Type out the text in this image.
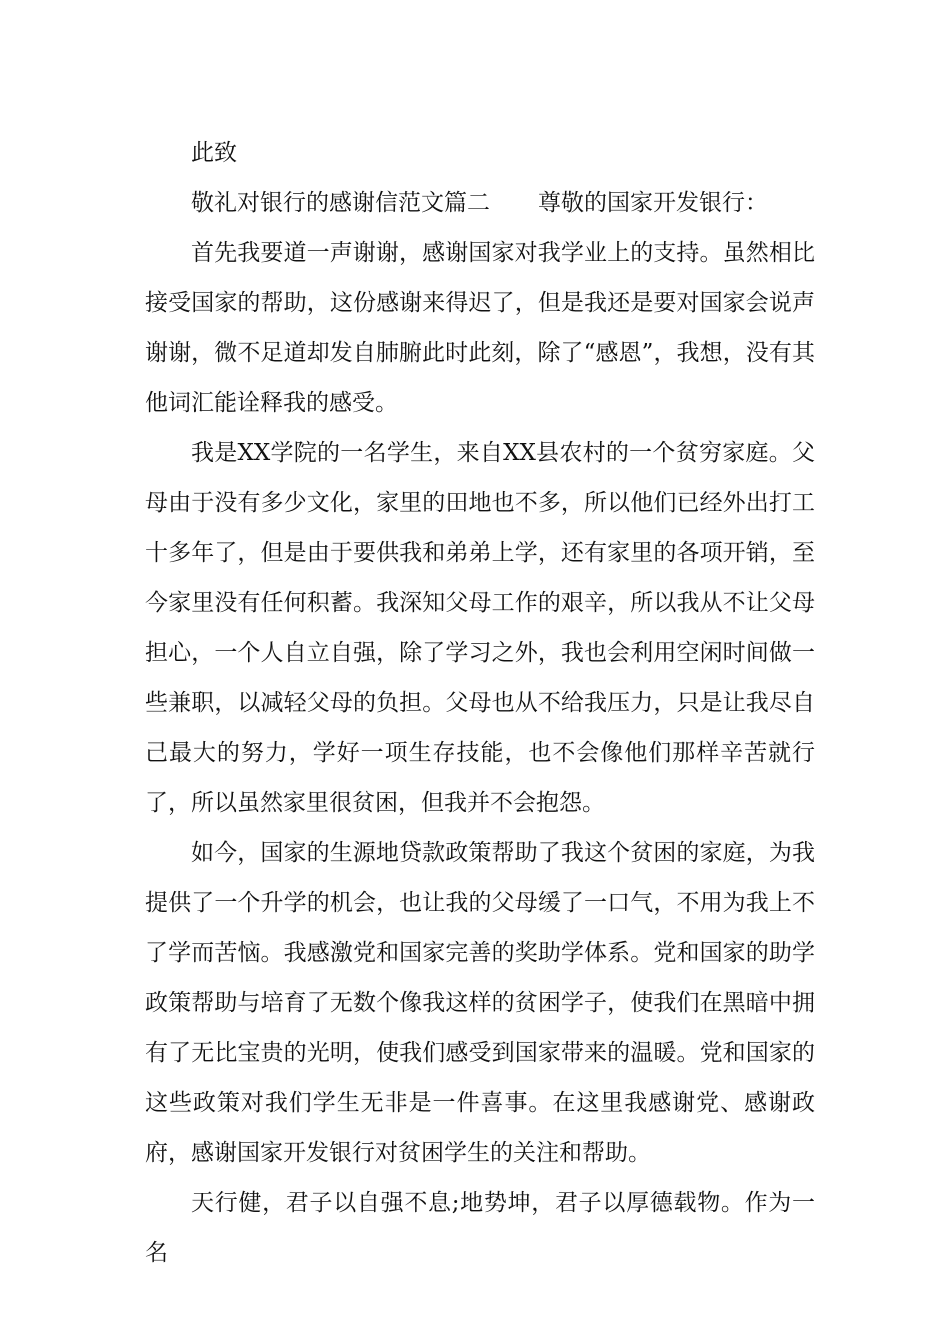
此致

敬礼对银行的感谢信范文篇二 尊敬的国家开发银行：

首先我要道一声谢谢，感谢国家对我学业上的支持。虽然相比接受国家的帮助，这份感谢来得迟了，但是我还是要对国家会说声谢谢，微不足道却发自肺腑此时此刻，除了“感恩”，我想，没有其他词汇能诠释我的感受。

我是XX学院的一名学生，来自XX县农村的一个贫穷家庭。父母由于没有多少文化，家里的田地也不多，所以他们已经外出打工十多年了，但是由于要供我和弟弟上学，还有家里的各项开销，至今家里没有任何积蓄。我深知父母工作的艰辛，所以我从不让父母担心，一个人自立自强，除了学习之外，我也会利用空闲时间做一些兼职，以减轻父母的负担。父母也从不给我压力，只是让我尽自己最大的努力，学好一项生存技能，也不会像他们那样辛苦就行了，所以虽然家里很贫困，但我并不会抱怨。

如今，国家的生源地贷款政策帮助了我这个贫困的家庭，为我提供了一个升学的机会，也让我的父母缓了一口气，不用为我上不了学而苦恼。我感激党和国家完善的奖助学体系。党和国家的助学政策帮助与培育了无数个像我这样的贫困学子，使我们在黑暗中拥有了无比宝贵的光明，使我们感受到国家带来的温暖。党和国家的这些政策对我们学生无非是一件喜事。在这里我感谢党、感谢政府，感谢国家开发银行对贫困学生的关注和帮助。

天行健，君子以自强不息;地势坤，君子以厚德载物。作为一名
